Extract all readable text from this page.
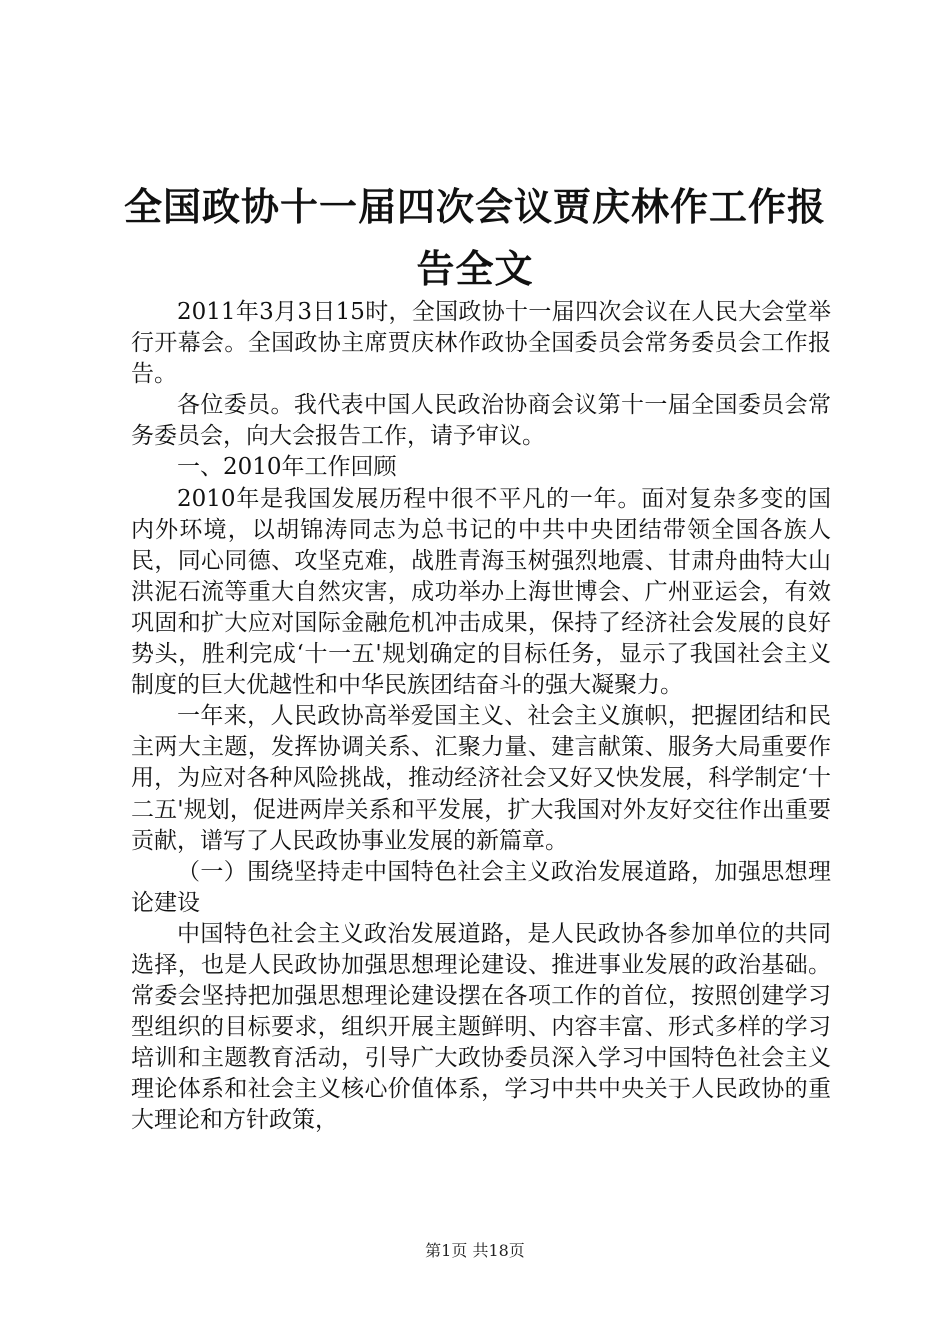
全国政协十一届四次会议贾庆林作工作报告全文

2011年3月3日15时，全国政协十一届四次会议在人民大会堂举行开幕会。全国政协主席贾庆林作政协全国委员会常务委员会工作报告。

各位委员。我代表中国人民政治协商会议第十一届全国委员会常务委员会，向大会报告工作，请予审议。

一、2010年工作回顾

2010年是我国发展历程中很不平凡的一年。面对复杂多变的国内外环境，以胡锦涛同志为总书记的中共中央团结带领全国各族人民，同心同德、攻坚克难，战胜青海玉树强烈地震、甘肃舟曲特大山洪泥石流等重大自然灾害，成功举办上海世博会、广州亚运会，有效巩固和扩大应对国际金融危机冲击成果，保持了经济社会发展的良好势头，胜利完成‘十一五'规划确定的目标任务，显示了我国社会主义制度的巨大优越性和中华民族团结奋斗的强大凝聚力。

一年来，人民政协高举爱国主义、社会主义旗帜，把握团结和民主两大主题，发挥协调关系、汇聚力量、建言献策、服务大局重要作用，为应对各种风险挑战，推动经济社会又好又快发展，科学制定‘十二五'规划，促进两岸关系和平发展，扩大我国对外友好交往作出重要贡献，谱写了人民政协事业发展的新篇章。

（一）围绕坚持走中国特色社会主义政治发展道路，加强思想理论建设

中国特色社会主义政治发展道路，是人民政协各参加单位的共同选择，也是人民政协加强思想理论建设、推进事业发展的政治基础。常委会坚持把加强思想理论建设摆在各项工作的首位，按照创建学习型组织的目标要求，组织开展主题鲜明、内容丰富、形式多样的学习培训和主题教育活动，引导广大政协委员深入学习中国特色社会主义理论体系和社会主义核心价值体系，学习中共中央关于人民政协的重大理论和方针政策，

第1页 共18页
